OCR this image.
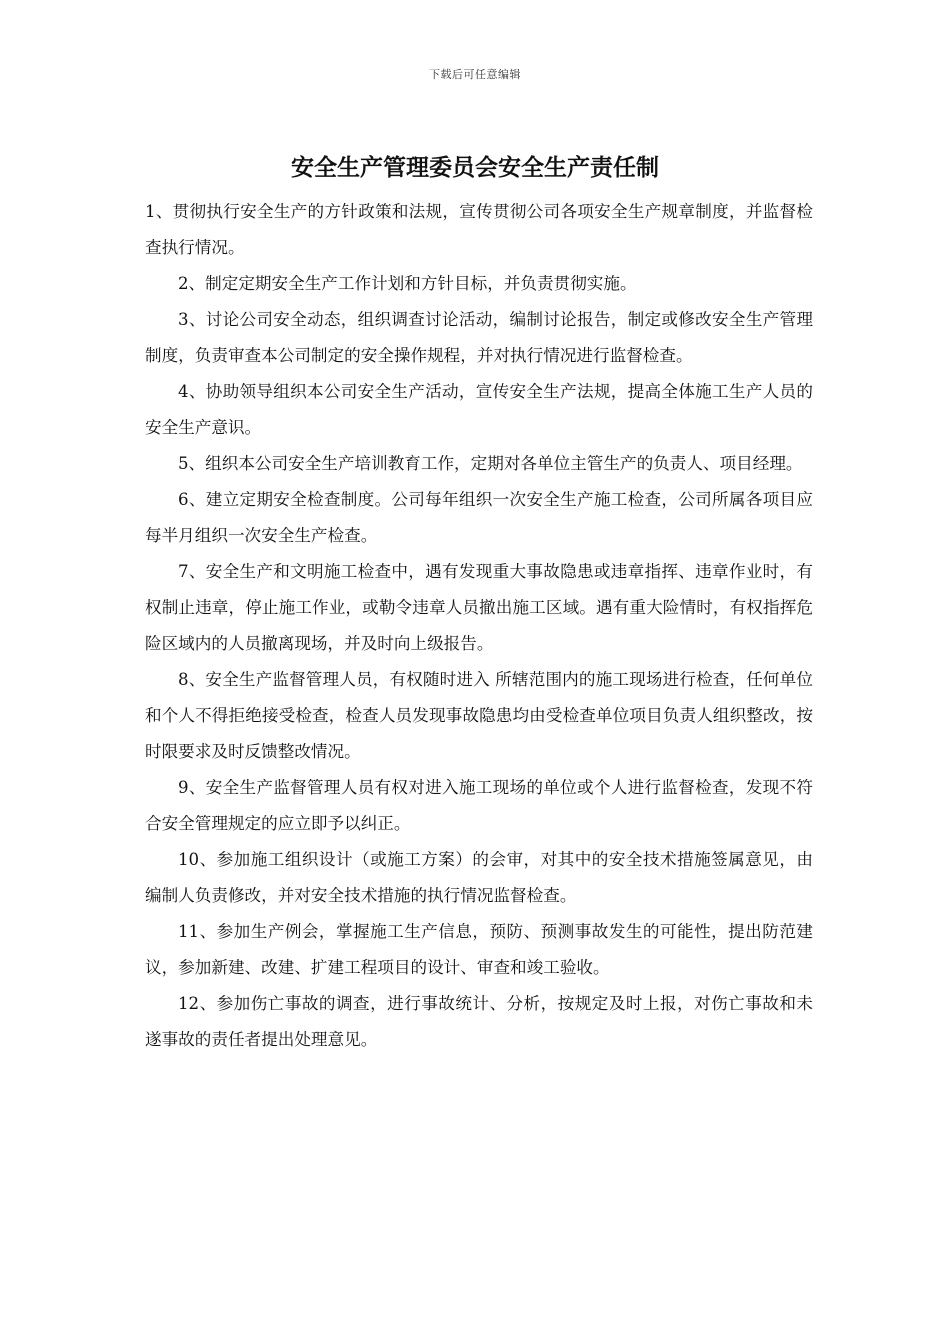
下载后可任意编辑
安全生产管理委员会安全生产责任制

1、贯彻执行安全生产的方针政策和法规，宣传贯彻公司各项安全生产规章制度，并监督检查执行情况。

2、制定定期安全生产工作计划和方针目标，并负责贯彻实施。

3、讨论公司安全动态，组织调查讨论活动，编制讨论报告，制定或修改安全生产管理制度，负责审查本公司制定的安全操作规程，并对执行情况进行监督检查。

4、协助领导组织本公司安全生产活动，宣传安全生产法规，提高全体施工生产人员的安全生产意识。

5、组织本公司安全生产培训教育工作，定期对各单位主管生产的负责人、项目经理。

6、建立定期安全检查制度。公司每年组织一次安全生产施工检查，公司所属各项目应每半月组织一次安全生产检查。

7、安全生产和文明施工检查中，遇有发现重大事故隐患或违章指挥、违章作业时，有权制止违章，停止施工作业，或勒令违章人员撤出施工区域。遇有重大险情时，有权指挥危险区域内的人员撤离现场，并及时向上级报告。

8、安全生产监督管理人员，有权随时进入 所辖范围内的施工现场进行检查，任何单位和个人不得拒绝接受检查，检查人员发现事故隐患均由受检查单位项目负责人组织整改，按时限要求及时反馈整改情况。

9、安全生产监督管理人员有权对进入施工现场的单位或个人进行监督检查，发现不符合安全管理规定的应立即予以纠正。

10、参加施工组织设计（或施工方案）的会审，对其中的安全技术措施签属意见，由编制人负责修改，并对安全技术措施的执行情况监督检查。

11、参加生产例会，掌握施工生产信息，预防、预测事故发生的可能性，提出防范建议，参加新建、改建、扩建工程项目的设计、审查和竣工验收。

12、参加伤亡事故的调查，进行事故统计、分析，按规定及时上报，对伤亡事故和未遂事故的责任者提出处理意见。
